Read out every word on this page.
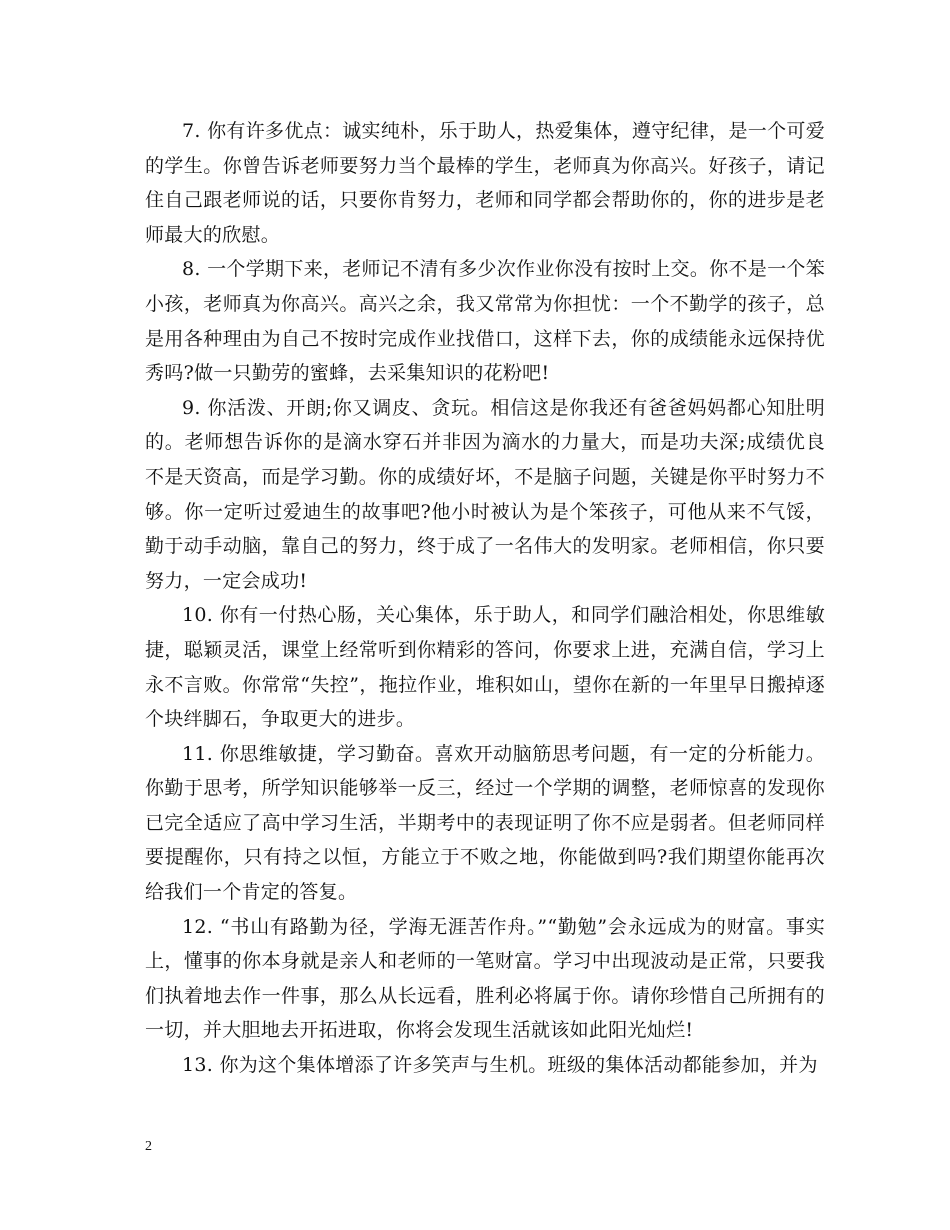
7. 你有许多优点：诚实纯朴，乐于助人，热爱集体，遵守纪律，是一个可爱的学生。你曾告诉老师要努力当个最棒的学生，老师真为你高兴。好孩子，请记住自己跟老师说的话，只要你肯努力，老师和同学都会帮助你的，你的进步是老师最大的欣慰。

8. 一个学期下来，老师记不清有多少次作业你没有按时上交。你不是一个笨小孩，老师真为你高兴。高兴之余，我又常常为你担忧：一个不勤学的孩子，总是用各种理由为自己不按时完成作业找借口，这样下去，你的成绩能永远保持优秀吗?做一只勤劳的蜜蜂，去采集知识的花粉吧!

9. 你活泼、开朗;你又调皮、贪玩。相信这是你我还有爸爸妈妈都心知肚明的。老师想告诉你的是滴水穿石并非因为滴水的力量大，而是功夫深;成绩优良不是天资高，而是学习勤。你的成绩好坏，不是脑子问题，关键是你平时努力不够。你一定听过爱迪生的故事吧?他小时被认为是个笨孩子，可他从来不气馁，勤于动手动脑，靠自己的努力，终于成了一名伟大的发明家。老师相信，你只要努力，一定会成功!

10. 你有一付热心肠，关心集体，乐于助人，和同学们融洽相处，你思维敏捷，聪颖灵活，课堂上经常听到你精彩的答问，你要求上进，充满自信，学习上永不言败。你常常“失控”，拖拉作业，堆积如山，望你在新的一年里早日搬掉逐个块绊脚石，争取更大的进步。

11. 你思维敏捷，学习勤奋。喜欢开动脑筋思考问题，有一定的分析能力。你勤于思考，所学知识能够举一反三，经过一个学期的调整，老师惊喜的发现你已完全适应了高中学习生活，半期考中的表现证明了你不应是弱者。但老师同样要提醒你，只有持之以恒，方能立于不败之地，你能做到吗?我们期望你能再次给我们一个肯定的答复。

12. “书山有路勤为径，学海无涯苦作舟。”“勤勉”会永远成为的财富。事实上，懂事的你本身就是亲人和老师的一笔财富。学习中出现波动是正常，只要我们执着地去作一件事，那么从长远看，胜利必将属于你。请你珍惜自己所拥有的一切，并大胆地去开拓进取，你将会发现生活就该如此阳光灿烂!

13. 你为这个集体增添了许多笑声与生机。班级的集体活动都能参加，并为

2
